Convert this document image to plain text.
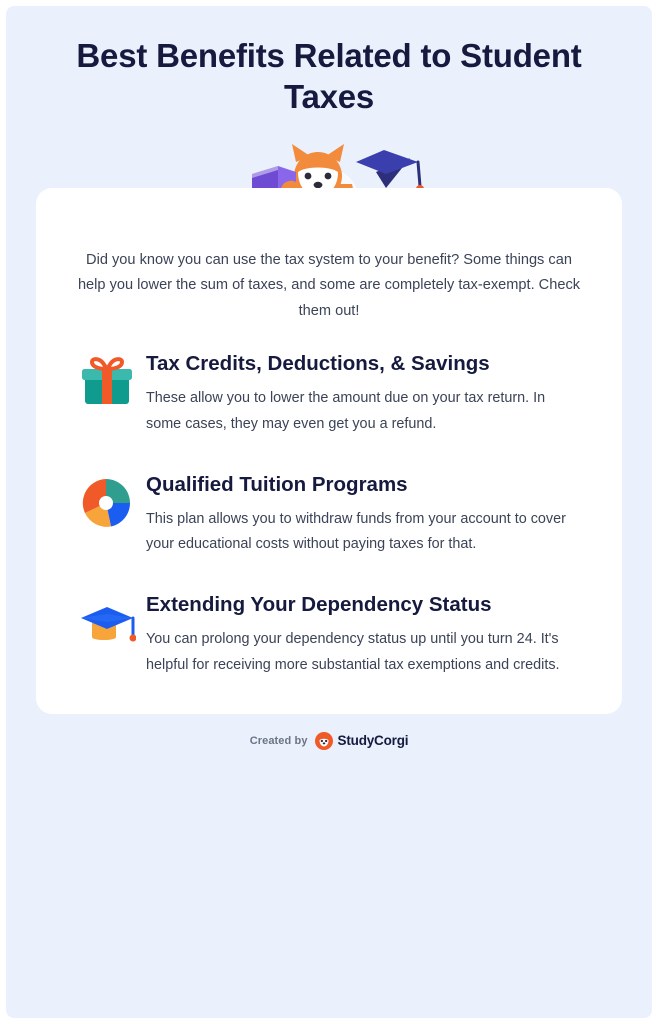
Best Benefits Related to Student Taxes

Did you know you can use the tax system to your benefit? Some things can help you lower the sum of taxes, and some are completely tax-exempt. Check them out!

Tax Credits, Deductions, & Savings

These allow you to lower the amount due on your tax return. In some cases, they may even get you a refund.

Qualified Tuition Programs

This plan allows you to withdraw funds from your account to cover your educational costs without paying taxes for that.

Extending Your Dependency Status

You can prolong your dependency status up until you turn 24. It's helpful for receiving more substantial tax exemptions and credits.

Created by StudyCorgi
